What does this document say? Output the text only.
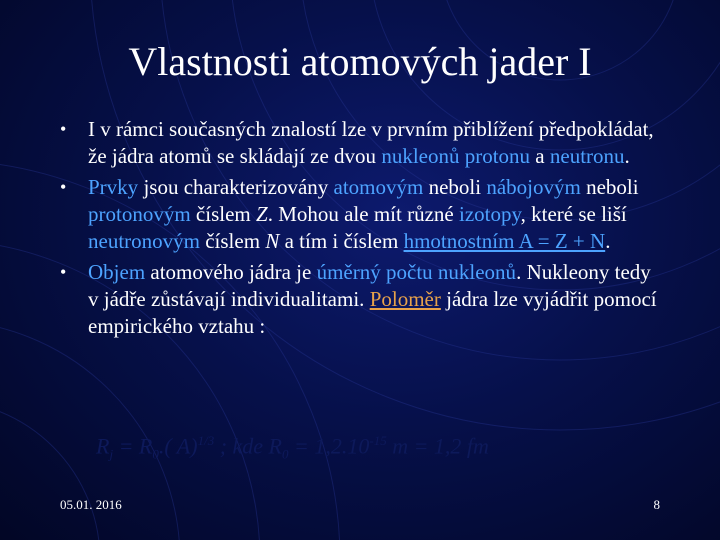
Vlastnosti atomových jader I
• I v rámci současných znalostí lze v prvním přiblížení předpokládat, že jádra atomů se skládají ze dvou nukleonů protonu a neutronu.
• Prvky jsou charakterizovány atomovým neboli nábojovým neboli protonovým číslem Z. Mohou ale mít různé izotopy, které se liší neutronovým číslem N a tím i číslem hmotnostním A = Z + N.
• Objem atomového jádra je úměrný počtu nukleonů. Nukleony tedy v jádře zůstávají individualitami. Poloměr jádra lze vyjádřit pomocí empirického vztahu :
$R_j = R_0$.( A)$^{1/3}$ ; kde $R_0 = 1,2.10^{-15}$ m = 1,2 fm
05.01. 2016	8
